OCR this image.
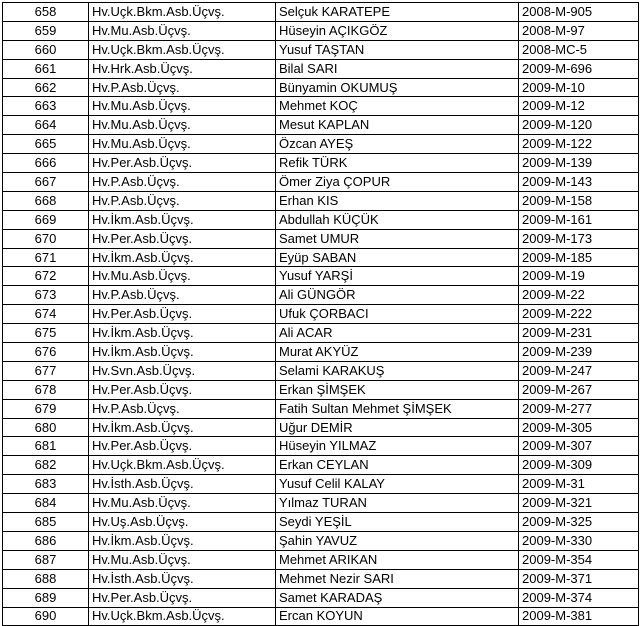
658	Hv.Uçk.Bkm.Asb.Üçvş.	Selçuk KARATEPE	2008-M-905
659	Hv.Mu.Asb.Üçvş.	Hüseyin AÇIKGÖZ	2008-M-97
660	Hv.Uçk.Bkm.Asb.Üçvş.	Yusuf TAŞTAN	2008-MC-5
661	Hv.Hrk.Asb.Üçvş.	Bilal SARI	2009-M-696
662	Hv.P.Asb.Üçvş.	Bünyamin OKUMUŞ	2009-M-10
663	Hv.Mu.Asb.Üçvş.	Mehmet KOÇ	2009-M-12
664	Hv.Mu.Asb.Üçvş.	Mesut KAPLAN	2009-M-120
665	Hv.Mu.Asb.Üçvş.	Özcan AYEŞ	2009-M-122
666	Hv.Per.Asb.Üçvş.	Refik TÜRK	2009-M-139
667	Hv.P.Asb.Üçvş.	Ömer Ziya ÇOPUR	2009-M-143
668	Hv.P.Asb.Üçvş.	Erhan KIS	2009-M-158
669	Hv.İkm.Asb.Üçvş.	Abdullah KÜÇÜK	2009-M-161
670	Hv.Per.Asb.Üçvş.	Samet UMUR	2009-M-173
671	Hv.İkm.Asb.Üçvş.	Eyüp SABAN	2009-M-185
672	Hv.Mu.Asb.Üçvş.	Yusuf YARŞİ	2009-M-19
673	Hv.P.Asb.Üçvş.	Ali GÜNGÖR	2009-M-22
674	Hv.Per.Asb.Üçvş.	Ufuk ÇORBACI	2009-M-222
675	Hv.İkm.Asb.Üçvş.	Ali ACAR	2009-M-231
676	Hv.İkm.Asb.Üçvş.	Murat AKYÜZ	2009-M-239
677	Hv.Svn.Asb.Üçvş.	Selami KARAKUŞ	2009-M-247
678	Hv.Per.Asb.Üçvş.	Erkan ŞİMŞEK	2009-M-267
679	Hv.P.Asb.Üçvş.	Fatih Sultan Mehmet ŞİMŞEK	2009-M-277
680	Hv.İkm.Asb.Üçvş.	Uğur DEMİR	2009-M-305
681	Hv.Per.Asb.Üçvş.	Hüseyin YILMAZ	2009-M-307
682	Hv.Uçk.Bkm.Asb.Üçvş.	Erkan CEYLAN	2009-M-309
683	Hv.İsth.Asb.Üçvş.	Yusuf Celil KALAY	2009-M-31
684	Hv.Mu.Asb.Üçvş.	Yılmaz TURAN	2009-M-321
685	Hv.Uş.Asb.Üçvş.	Seydi YEŞİL	2009-M-325
686	Hv.İkm.Asb.Üçvş.	Şahin YAVUZ	2009-M-330
687	Hv.Mu.Asb.Üçvş.	Mehmet ARIKAN	2009-M-354
688	Hv.İsth.Asb.Üçvş.	Mehmet Nezir SARI	2009-M-371
689	Hv.Per.Asb.Üçvş.	Samet KARADAŞ	2009-M-374
690	Hv.Uçk.Bkm.Asb.Üçvş.	Ercan KOYUN	2009-M-381
